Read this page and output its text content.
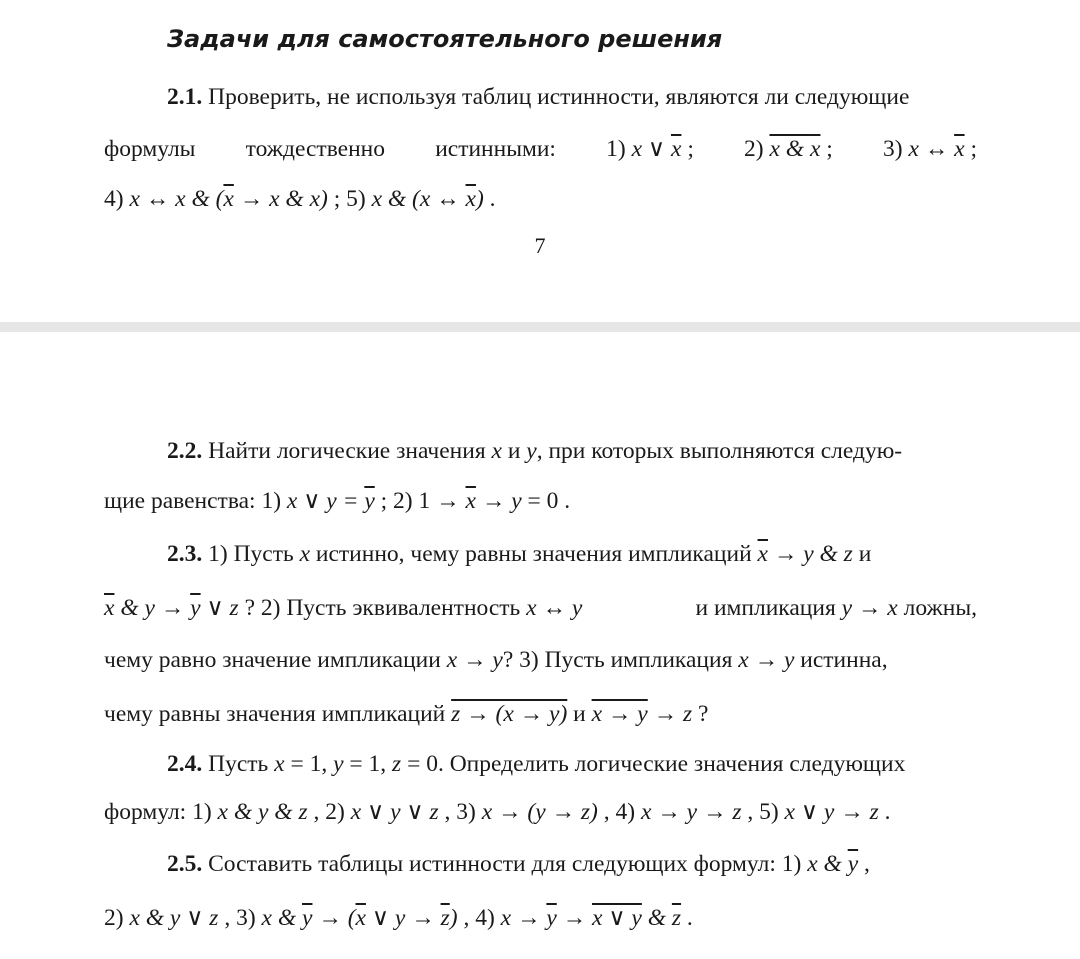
Задачи для самостоятельного решения
2.1. Проверить, не используя таблиц истинности, являются ли следующие
формулы тождественно истинными: 1) x ∨ $\overline{x}$ ; 2) x & x ; 3) x ↔ $\overline{x}$ ;
4) x ↔ x & ($\overline{x} \to x$ & x) ; 5) x & (x ↔ $\overline{x}$) .
7
2.2. Найти логические значения x и y, при которых выполняются следую-
щие равенства: 1) x ∨ $y = \overline{y}$ ; 2) $1 \to \overline{x} \to y = 0$ .
2.3. 1) Пусть x истинно, чему равны значения импликаций $\overline{x} \to y$ & z и
$\overline{x}$ & $y \to \overline{y}$ ∨ z ? 2) Пусть эквивалентность x ↔ y	и импликация y → x ложны,
чему равно значение импликации x → y? 3) Пусть импликация x → y истинна,
чему равны значения импликаций z → (x → y) и x → y → z ?
2.4. Пусть x = 1, y = 1, z = 0. Определить логические значения следующих
формул: 1) x & y & z , 2) x ∨ y ∨ z , 3) x → (y → z) , 4) x → y → z , 5) x ∨ y → z .
2.5. Составить таблицы истинности для следующих формул: 1) x & $\overline{y}$ ,
2) x & y ∨ z , 3) x & $\overline{y} \to (\overline{x}$ ∨ $y \to \overline{z}$) , 4) $x \to \overline{y} \to x$ ∨ y & $\overline{z}$ .
